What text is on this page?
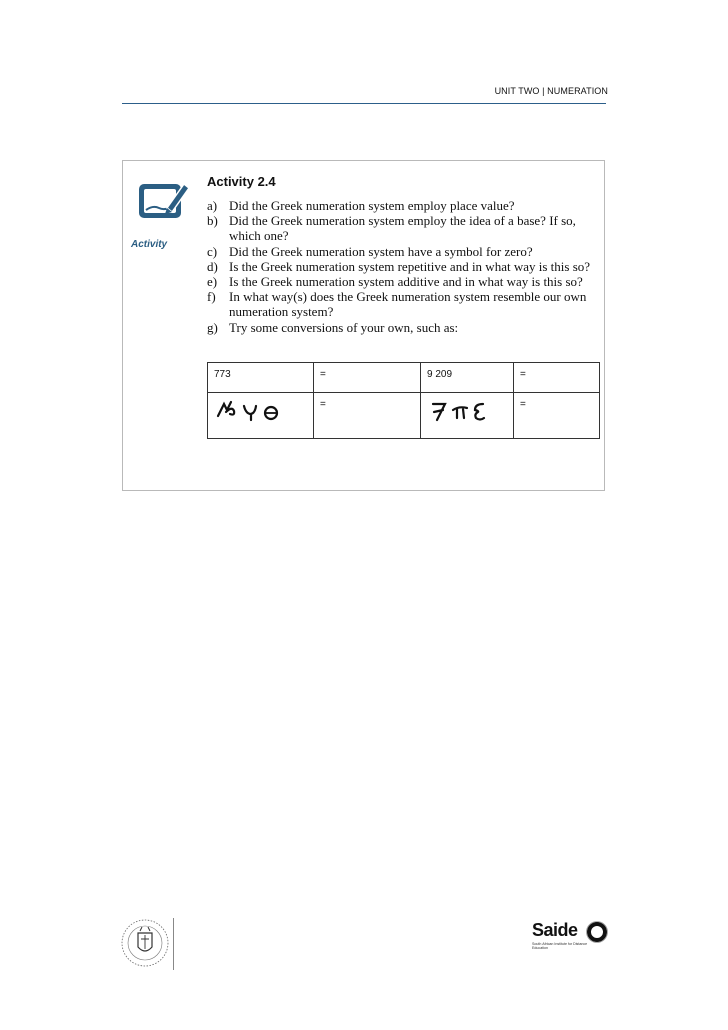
UNIT TWO | NUMERATION
Activity
Activity 2.4
a) Did the Greek numeration system employ place value?
b) Did the Greek numeration system employ the idea of a base? If so, which one?
c) Did the Greek numeration system have a symbol for zero?
d) Is the Greek numeration system repetitive and in what way is this so?
e) Is the Greek numeration system additive and in what way is this so?
f) In what way(s) does the Greek numeration system resemble our own numeration system?
g) Try some conversions of your own, such as:
773	=	9 209	=

	=		=
Saide
South African Institute for Distance Education
